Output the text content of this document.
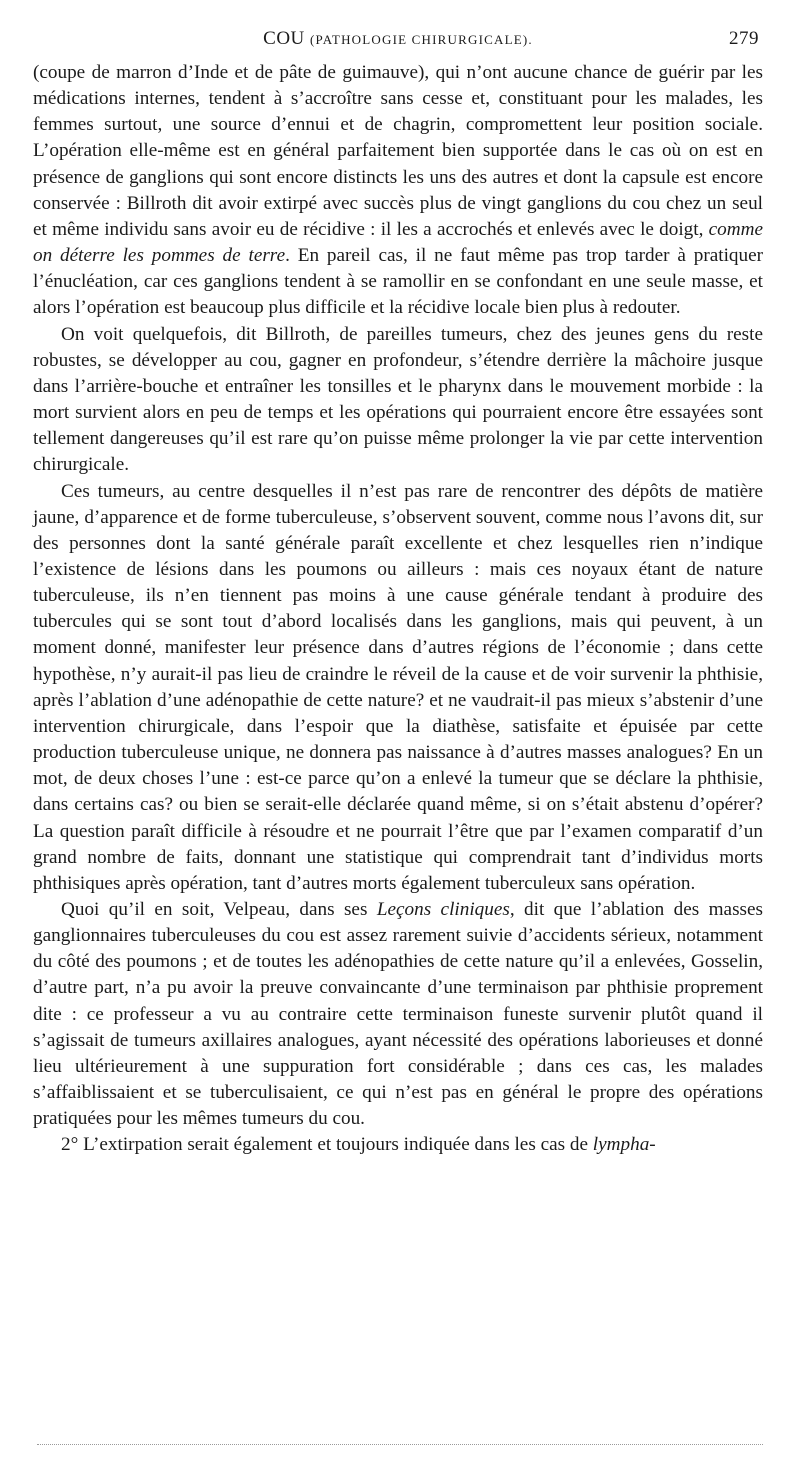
COU (PATHOLOGIE CHIRURGICALE).	279

(coupe de marron d’Inde et de pâte de guimauve), qui n’ont aucune chance de guérir par les médications internes, tendent à s’accroître sans cesse et, constituant pour les malades, les femmes surtout, une source d’ennui et de chagrin, compromettent leur position sociale. L’opération elle-même est en général parfaitement bien supportée dans le cas où on est en présence de ganglions qui sont encore distincts les uns des autres et dont la capsule est encore conservée : Billroth dit avoir extirpé avec succès plus de vingt ganglions du cou chez un seul et même individu sans avoir eu de récidive : il les a accrochés et enlevés avec le doigt, comme on déterre les pommes de terre. En pareil cas, il ne faut même pas trop tarder à pratiquer l’énucléation, car ces ganglions tendent à se ramollir en se confondant en une seule masse, et alors l’opération est beaucoup plus difficile et la récidive locale bien plus à redouter.

On voit quelquefois, dit Billroth, de pareilles tumeurs, chez des jeunes gens du reste robustes, se développer au cou, gagner en profondeur, s’étendre derrière la mâchoire jusque dans l’arrière-bouche et entraîner les tonsilles et le pharynx dans le mouvement morbide : la mort survient alors en peu de temps et les opérations qui pourraient encore être essayées sont tellement dangereuses qu’il est rare qu’on puisse même prolonger la vie par cette intervention chirurgicale.

Ces tumeurs, au centre desquelles il n’est pas rare de rencontrer des dépôts de matière jaune, d’apparence et de forme tuberculeuse, s’observent souvent, comme nous l’avons dit, sur des personnes dont la santé générale paraît excellente et chez lesquelles rien n’indique l’existence de lésions dans les poumons ou ailleurs : mais ces noyaux étant de nature tuberculeuse, ils n’en tiennent pas moins à une cause générale tendant à produire des tubercules qui se sont tout d’abord localisés dans les ganglions, mais qui peuvent, à un moment donné, manifester leur présence dans d’autres régions de l’économie ; dans cette hypothèse, n’y aurait-il pas lieu de craindre le réveil de la cause et de voir survenir la phthisie, après l’ablation d’une adénopathie de cette nature? et ne vaudrait-il pas mieux s’abstenir d’une intervention chirurgicale, dans l’espoir que la diathèse, satisfaite et épuisée par cette production tuberculeuse unique, ne donnera pas naissance à d’autres masses analogues? En un mot, de deux choses l’une : est-ce parce qu’on a enlevé la tumeur que se déclare la phthisie, dans certains cas? ou bien se serait-elle déclarée quand même, si on s’était abstenu d’opérer? La question paraît difficile à résoudre et ne pourrait l’être que par l’examen comparatif d’un grand nombre de faits, donnant une statistique qui comprendrait tant d’individus morts phthisiques après opération, tant d’autres morts également tuberculeux sans opération.

Quoi qu’il en soit, Velpeau, dans ses Leçons cliniques, dit que l’ablation des masses ganglionnaires tuberculeuses du cou est assez rarement suivie d’accidents sérieux, notamment du côté des poumons ; et de toutes les adénopathies de cette nature qu’il a enlevées, Gosselin, d’autre part, n’a pu avoir la preuve convaincante d’une terminaison par phthisie proprement dite : ce professeur a vu au contraire cette terminaison funeste survenir plutôt quand il s’agissait de tumeurs axillaires analogues, ayant nécessité des opérations laborieuses et donné lieu ultérieurement à une suppuration fort considérable ; dans ces cas, les malades s’affaiblissaient et se tuberculisaient, ce qui n’est pas en général le propre des opérations pratiquées pour les mêmes tumeurs du cou.

2° L’extirpation serait également et toujours indiquée dans les cas de lympha-
